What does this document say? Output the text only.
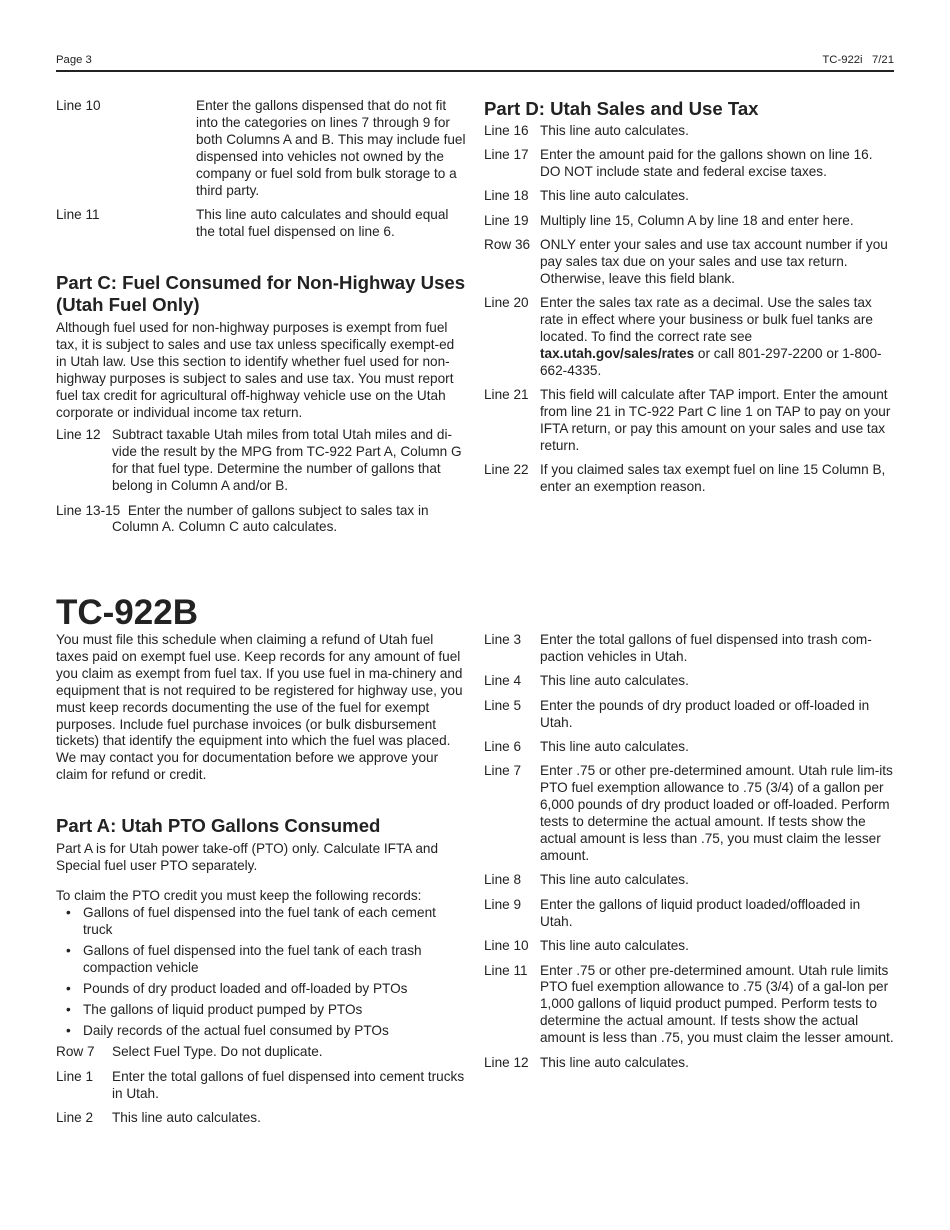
Page 3	TC-922i 7/21
Line 10	Enter the gallons dispensed that do not fit into the categories on lines 7 through 9 for both Columns A and B. This may include fuel dispensed into vehicles not owned by the company or fuel sold from bulk storage to a third party.
Line 11	This line auto calculates and should equal the total fuel dispensed on line 6.
Part C: Fuel Consumed for Non-Highway Uses
(Utah Fuel Only)

Although fuel used for non-highway purposes is exempt from fuel tax, it is subject to sales and use tax unless specifically exempt-ed in Utah law. Use this section to identify whether fuel used for non-highway purposes is subject to sales and use tax. You must report fuel tax credit for agricultural off-highway vehicle use on the Utah corporate or individual income tax return.

Line 12 Subtract taxable Utah miles from total Utah miles and di-vide the result by the MPG from TC-922 Part A, Column G for that fuel type. Determine the number of gallons that belong in Column A and/or B.
Line 13-15 Enter the number of gallons subject to sales tax in Column A. Column C auto calculates.
Part D: Utah Sales and Use Tax
Line 16 This line auto calculates.
Line 17 Enter the amount paid for the gallons shown on line 16. DO NOT include state and federal excise taxes.
Line 18 This line auto calculates.
Line 19 Multiply line 15, Column A by line 18 and enter here.
Row 36 ONLY enter your sales and use tax account number if you pay sales tax due on your sales and use tax return. Otherwise, leave this field blank.
Line 20 Enter the sales tax rate as a decimal. Use the sales tax rate in effect where your business or bulk fuel tanks are located. To find the correct rate see tax.utah.gov/sales/rates or call 801-297-2200 or 1-800-662-4335.
Line 21 This field will calculate after TAP import. Enter the amount from line 21 in TC-922 Part C line 1 on TAP to pay on your IFTA return, or pay this amount on your sales and use tax return.
Line 22 If you claimed sales tax exempt fuel on line 15 Column B, enter an exemption reason.
TC-922B

You must file this schedule when claiming a refund of Utah fuel taxes paid on exempt fuel use. Keep records for any amount of fuel you claim as exempt from fuel tax. If you use fuel in ma-chinery and equipment that is not required to be registered for highway use, you must keep records documenting the use of the fuel for exempt purposes. Include fuel purchase invoices (or bulk disbursement tickets) that identify the equipment into which the fuel was placed. We may contact you for documentation before we approve your claim for refund or credit.

Part A: Utah PTO Gallons Consumed

Part A is for Utah power take-off (PTO) only. Calculate IFTA and Special fuel user PTO separately.

To claim the PTO credit you must keep the following records:

• Gallons of fuel dispensed into the fuel tank of each cement truck
• Gallons of fuel dispensed into the fuel tank of each trash compaction vehicle
• Pounds of dry product loaded and off-loaded by PTOs
• The gallons of liquid product pumped by PTOs
• Daily records of the actual fuel consumed by PTOs
Row 7	Select Fuel Type. Do not duplicate.
Line 1	Enter the total gallons of fuel dispensed into cement trucks in Utah.
Line 2	This line auto calculates.
Line 3	Enter the total gallons of fuel dispensed into trash com-paction vehicles in Utah.
Line 4	This line auto calculates.
Line 5	Enter the pounds of dry product loaded or off-loaded in Utah.
Line 6	This line auto calculates.
Line 7	Enter .75 or other pre-determined amount. Utah rule lim-its PTO fuel exemption allowance to .75 (3/4) of a gallon per 6,000 pounds of dry product loaded or off-loaded. Perform tests to determine the actual amount. If tests show the actual amount is less than .75, you must claim the lesser amount.
Line 8	This line auto calculates.
Line 9	Enter the gallons of liquid product loaded/offloaded in Utah.
Line 10 This line auto calculates.
Line 11 Enter .75 or other pre-determined amount. Utah rule limits PTO fuel exemption allowance to .75 (3/4) of a gal-lon per 1,000 gallons of liquid product pumped. Perform tests to determine the actual amount. If tests show the actual amount is less than .75, you must claim the lesser amount.
Line 12 This line auto calculates.
